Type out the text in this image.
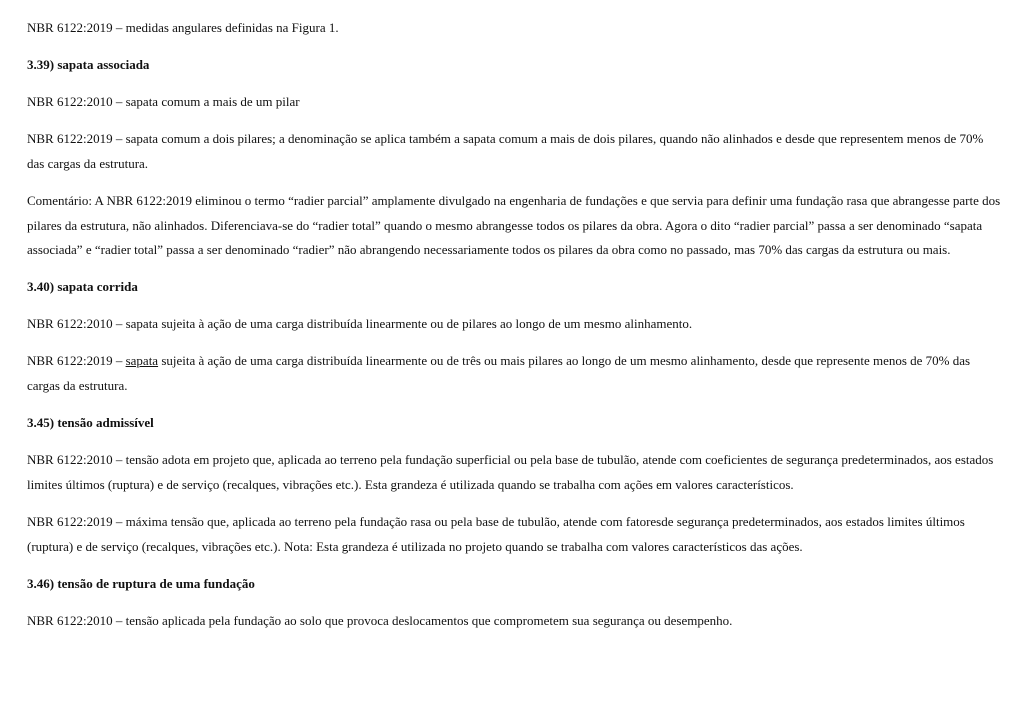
NBR 6122:2019 – medidas angulares definidas na Figura 1.

3.39) sapata associada

NBR 6122:2010 – sapata comum a mais de um pilar

NBR 6122:2019 – sapata comum a dois pilares; a denominação se aplica também a sapata comum a mais de dois pilares, quando não alinhados e desde que representem menos de 70% das cargas da estrutura.

Comentário: A NBR 6122:2019 eliminou o termo “radier parcial” amplamente divulgado na engenharia de fundações e que servia para definir uma fundação rasa que abrangesse parte dos pilares da estrutura, não alinhados. Diferenciava-se do “radier total” quando o mesmo abrangesse todos os pilares da obra. Agora o dito “radier parcial” passa a ser denominado “sapata associada” e “radier total” passa a ser denominado “radier” não abrangendo necessariamente todos os pilares da obra como no passado, mas 70% das cargas da estrutura ou mais.

3.40) sapata corrida

NBR 6122:2010 – sapata sujeita à ação de uma carga distribuída linearmente ou de pilares ao longo de um mesmo alinhamento.

NBR 6122:2019 – sapata sujeita à ação de uma carga distribuída linearmente ou de três ou mais pilares ao longo de um mesmo alinhamento, desde que represente menos de 70% das cargas da estrutura.

3.45) tensão admissível

NBR 6122:2010 – tensão adota em projeto que, aplicada ao terreno pela fundação superficial ou pela base de tubulão, atende com coeficientes de segurança predeterminados, aos estados limites últimos (ruptura) e de serviço (recalques, vibrações etc.). Esta grandeza é utilizada quando se trabalha com ações em valores característicos.

NBR 6122:2019 – máxima tensão que, aplicada ao terreno pela fundação rasa ou pela base de tubulão, atende com fatoresde segurança predeterminados, aos estados limites últimos (ruptura) e de serviço (recalques, vibrações etc.). Nota: Esta grandeza é utilizada no projeto quando se trabalha com valores característicos das ações.

3.46) tensão de ruptura de uma fundação

NBR 6122:2010 – tensão aplicada pela fundação ao solo que provoca deslocamentos que comprometem sua segurança ou desempenho.
